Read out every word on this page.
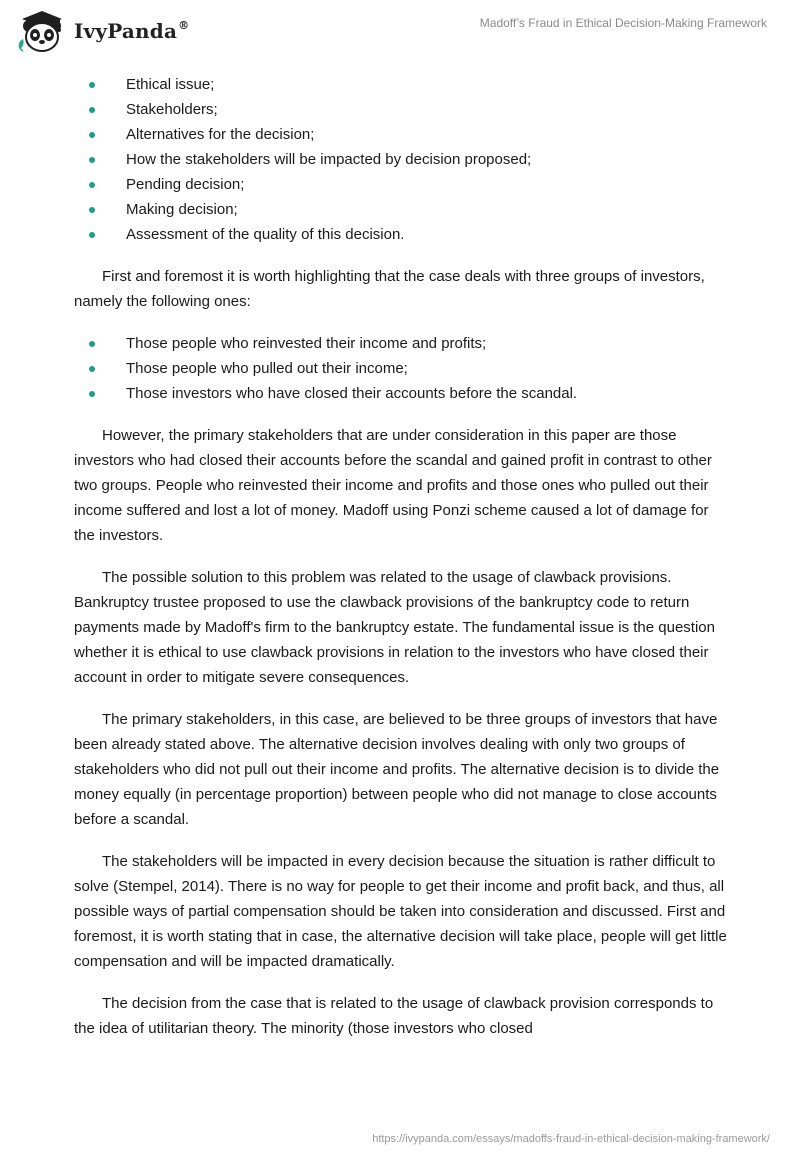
IvyPanda®	Madoff’s Fraud in Ethical Decision-Making Framework
Ethical issue;
Stakeholders;
Alternatives for the decision;
How the stakeholders will be impacted by decision proposed;
Pending decision;
Making decision;
Assessment of the quality of this decision.

First and foremost it is worth highlighting that the case deals with three groups of investors, namely the following ones:

Those people who reinvested their income and profits;
Those people who pulled out their income;
Those investors who have closed their accounts before the scandal.

However, the primary stakeholders that are under consideration in this paper are those investors who had closed their accounts before the scandal and gained profit in contrast to other two groups. People who reinvested their income and profits and those ones who pulled out their income suffered and lost a lot of money. Madoff using Ponzi scheme caused a lot of damage for the investors.

The possible solution to this problem was related to the usage of clawback provisions. Bankruptcy trustee proposed to use the clawback provisions of the bankruptcy code to return payments made by Madoff's firm to the bankruptcy estate. The fundamental issue is the question whether it is ethical to use clawback provisions in relation to the investors who have closed their account in order to mitigate severe consequences.

The primary stakeholders, in this case, are believed to be three groups of investors that have been already stated above. The alternative decision involves dealing with only two groups of stakeholders who did not pull out their income and profits. The alternative decision is to divide the money equally (in percentage proportion) between people who did not manage to close accounts before a scandal.

The stakeholders will be impacted in every decision because the situation is rather difficult to solve (Stempel, 2014). There is no way for people to get their income and profit back, and thus, all possible ways of partial compensation should be taken into consideration and discussed. First and foremost, it is worth stating that in case, the alternative decision will take place, people will get little compensation and will be impacted dramatically.

The decision from the case that is related to the usage of clawback provision corresponds to the idea of utilitarian theory. The minority (those investors who closed

https://ivypanda.com/essays/madoffs-fraud-in-ethical-decision-making-framework/
